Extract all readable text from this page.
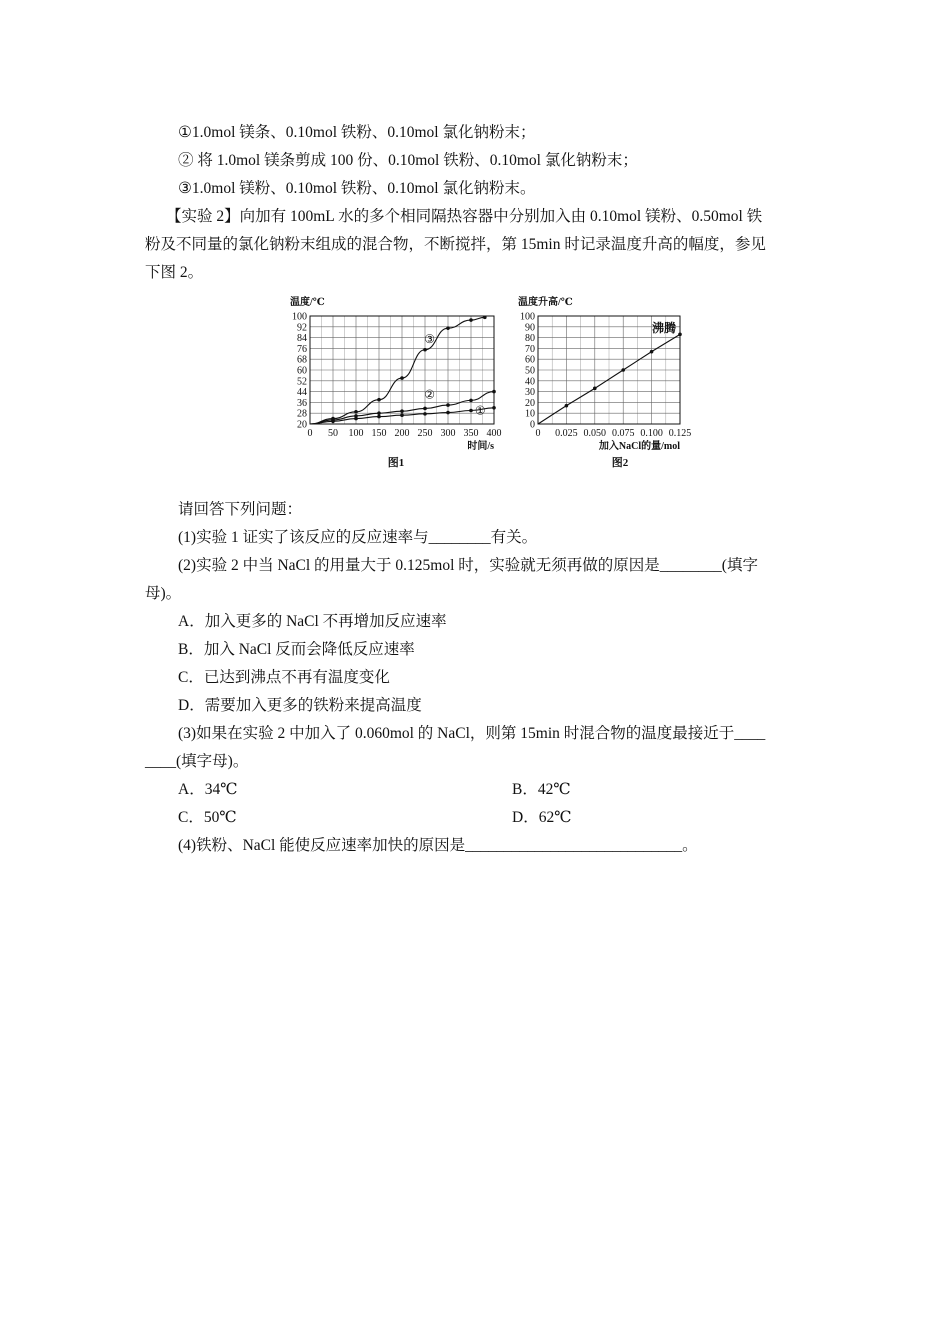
①1.0mol 镁条、0.10mol 铁粉、0.10mol 氯化钠粉末；
② 将 1.0mol 镁条剪成 100 份、0.10mol 铁粉、0.10mol 氯化钠粉末；
③1.0mol 镁粉、0.10mol 铁粉、0.10mol 氯化钠粉末。
【实验 2】向加有 100mL 水的多个相同隔热容器中分别加入由 0.10mol 镁粉、0.50mol 铁
粉及不同量的氯化钠粉末组成的混合物，不断搅拌，第 15min 时记录温度升高的幅度，参见
下图 2。
0 50 100 150 200 250 300 350 400
20
28
36
44
52
60
68
76
84
92
100
温度/℃
时间/s
图1
①
②
③
0 0.025 0.050 0.075 0.100 0.125
0
10
20
30
40
50
60
70
80
90
100
温度升高/℃
加入NaCl的量/mol
图2
沸腾
请回答下列问题：
(1)实验 1 证实了该反应的反应速率与________有关。
(2)实验 2 中当 NaCl 的用量大于 0.125mol 时，实验就无须再做的原因是________(填字
母)。
A．加入更多的 NaCl 不再增加反应速率
B．加入 NaCl 反而会降低反应速率
C．已达到沸点不再有温度变化
D．需要加入更多的铁粉来提高温度
(3)如果在实验 2 中加入了 0.060mol 的 NaCl，则第 15min 时混合物的温度最接近于____
____(填字母)。
A．34℃	B．42℃
C．50℃	D．62℃
(4)铁粉、NaCl 能使反应速率加快的原因是____________________________。
